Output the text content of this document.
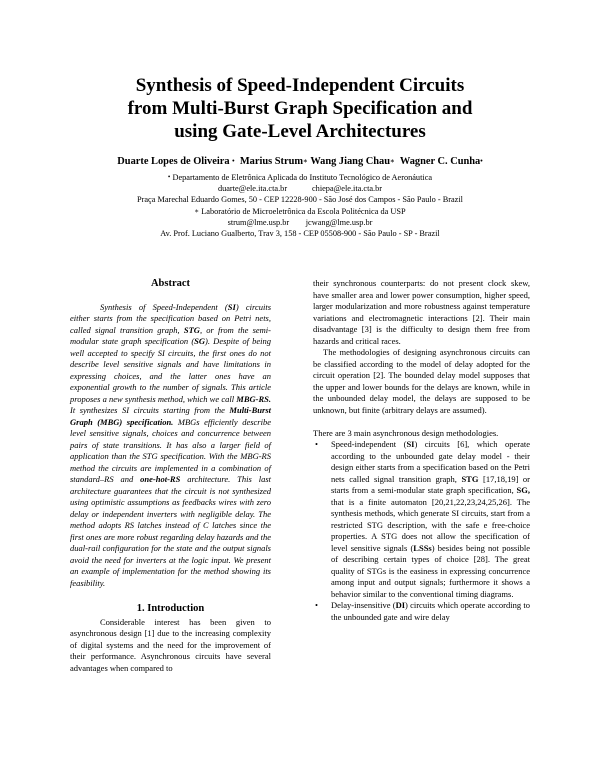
Synthesis of Speed-Independent Circuits
from Multi-Burst Graph Specification and
using Gate-Level Architectures
Duarte Lopes de Oliveira • Marius Strum∗ Wang Jiang Chau∗ Wagner C. Cunha•
• Departamento de Eletrônica Aplicada do Instituto Tecnológico de Aeronáutica
duarte@ele.ita.cta.br            chiepa@ele.ita.cta.br
Praça Marechal Eduardo Gomes, 50 - CEP 12228-900 - São José dos Campos - São Paulo - Brazil
∗ Laboratório de Microeletrônica da Escola Politécnica da USP
strum@lme.usp.br        jcwang@lme.usp.br
Av. Prof. Luciano Gualberto, Trav 3, 158 - CEP 05508-900 - São Paulo - SP - Brazil
Abstract

Synthesis of Speed-Independent (SI) circuits either starts from the specification based on Petri nets, called signal transition graph, STG, or from the semi-modular state graph specification (SG). Despite of being well accepted to specify SI circuits, the first ones do not describe level sensitive signals and have limitations in expressing choices, and the latter ones have an exponential growth to the number of signals. This article proposes a new synthesis method, which we call MBG-RS. It synthesizes SI circuits starting from the Multi-Burst Graph (MBG) specification. MBGs efficiently describe level sensitive signals, choices and concurrence between pairs of state transitions. It has also a larger field of application than the STG specification. With the MBG-RS method the circuits are implemented in a combination of standard–RS and one-hot-RS architecture. This last architecture guarantees that the circuit is not synthesized using optimistic assumptions as feedbacks wires with zero delay or independent inverters with negligible delay. The method adopts RS latches instead of C latches since the first ones are more robust regarding delay hazards and the dual-rail configuration for the state and the output signals avoid the need for inverters at the logic input. We present an example of implementation for the method showing its feasibility.

1. Introduction

Considerable interest has been given to asynchronous design [1] due to the increasing complexity of digital systems and the need for the improvement of their performance. Asynchronous circuits have several advantages when compared to

their synchronous counterparts: do not present clock skew, have smaller area and lower power consumption, higher speed, larger modularization and more robustness against temperature variations and electromagnetic interactions [2]. Their main disadvantage [3] is the difficulty to design them free from hazards and critical races.

The methodologies of designing asynchronous circuits can be classified according to the model of delay adopted for the circuit operation [2]. The bounded delay model supposes that the upper and lower bounds for the delays are known, while in the unbounded delay model, the delays are supposed to be unknown, but finite (arbitrary delays are assumed).

There are 3 main asynchronous design methodologies.

• Speed-independent (SI) circuits [6], which operate according to the unbounded gate delay model - their design either starts from a specification based on the Petri nets called signal transition graph, STG [17,18,19] or starts from a semi-modular state graph specification, SG, that is a finite automaton [20,21,22,23,24,25,26]. The synthesis methods, which generate SI circuits, start from a restricted STG description, with the safe e free-choice properties. A STG does not allow the specification of level sensitive signals (LSSs) besides being not possible of describing certain types of choice [28]. The great quality of STGs is the easiness in expressing concurrence among input and output signals; furthermore it shows a behavior similar to the conventional timing diagrams.
• Delay-insensitive (DI) circuits which operate according to the unbounded gate and wire delay
